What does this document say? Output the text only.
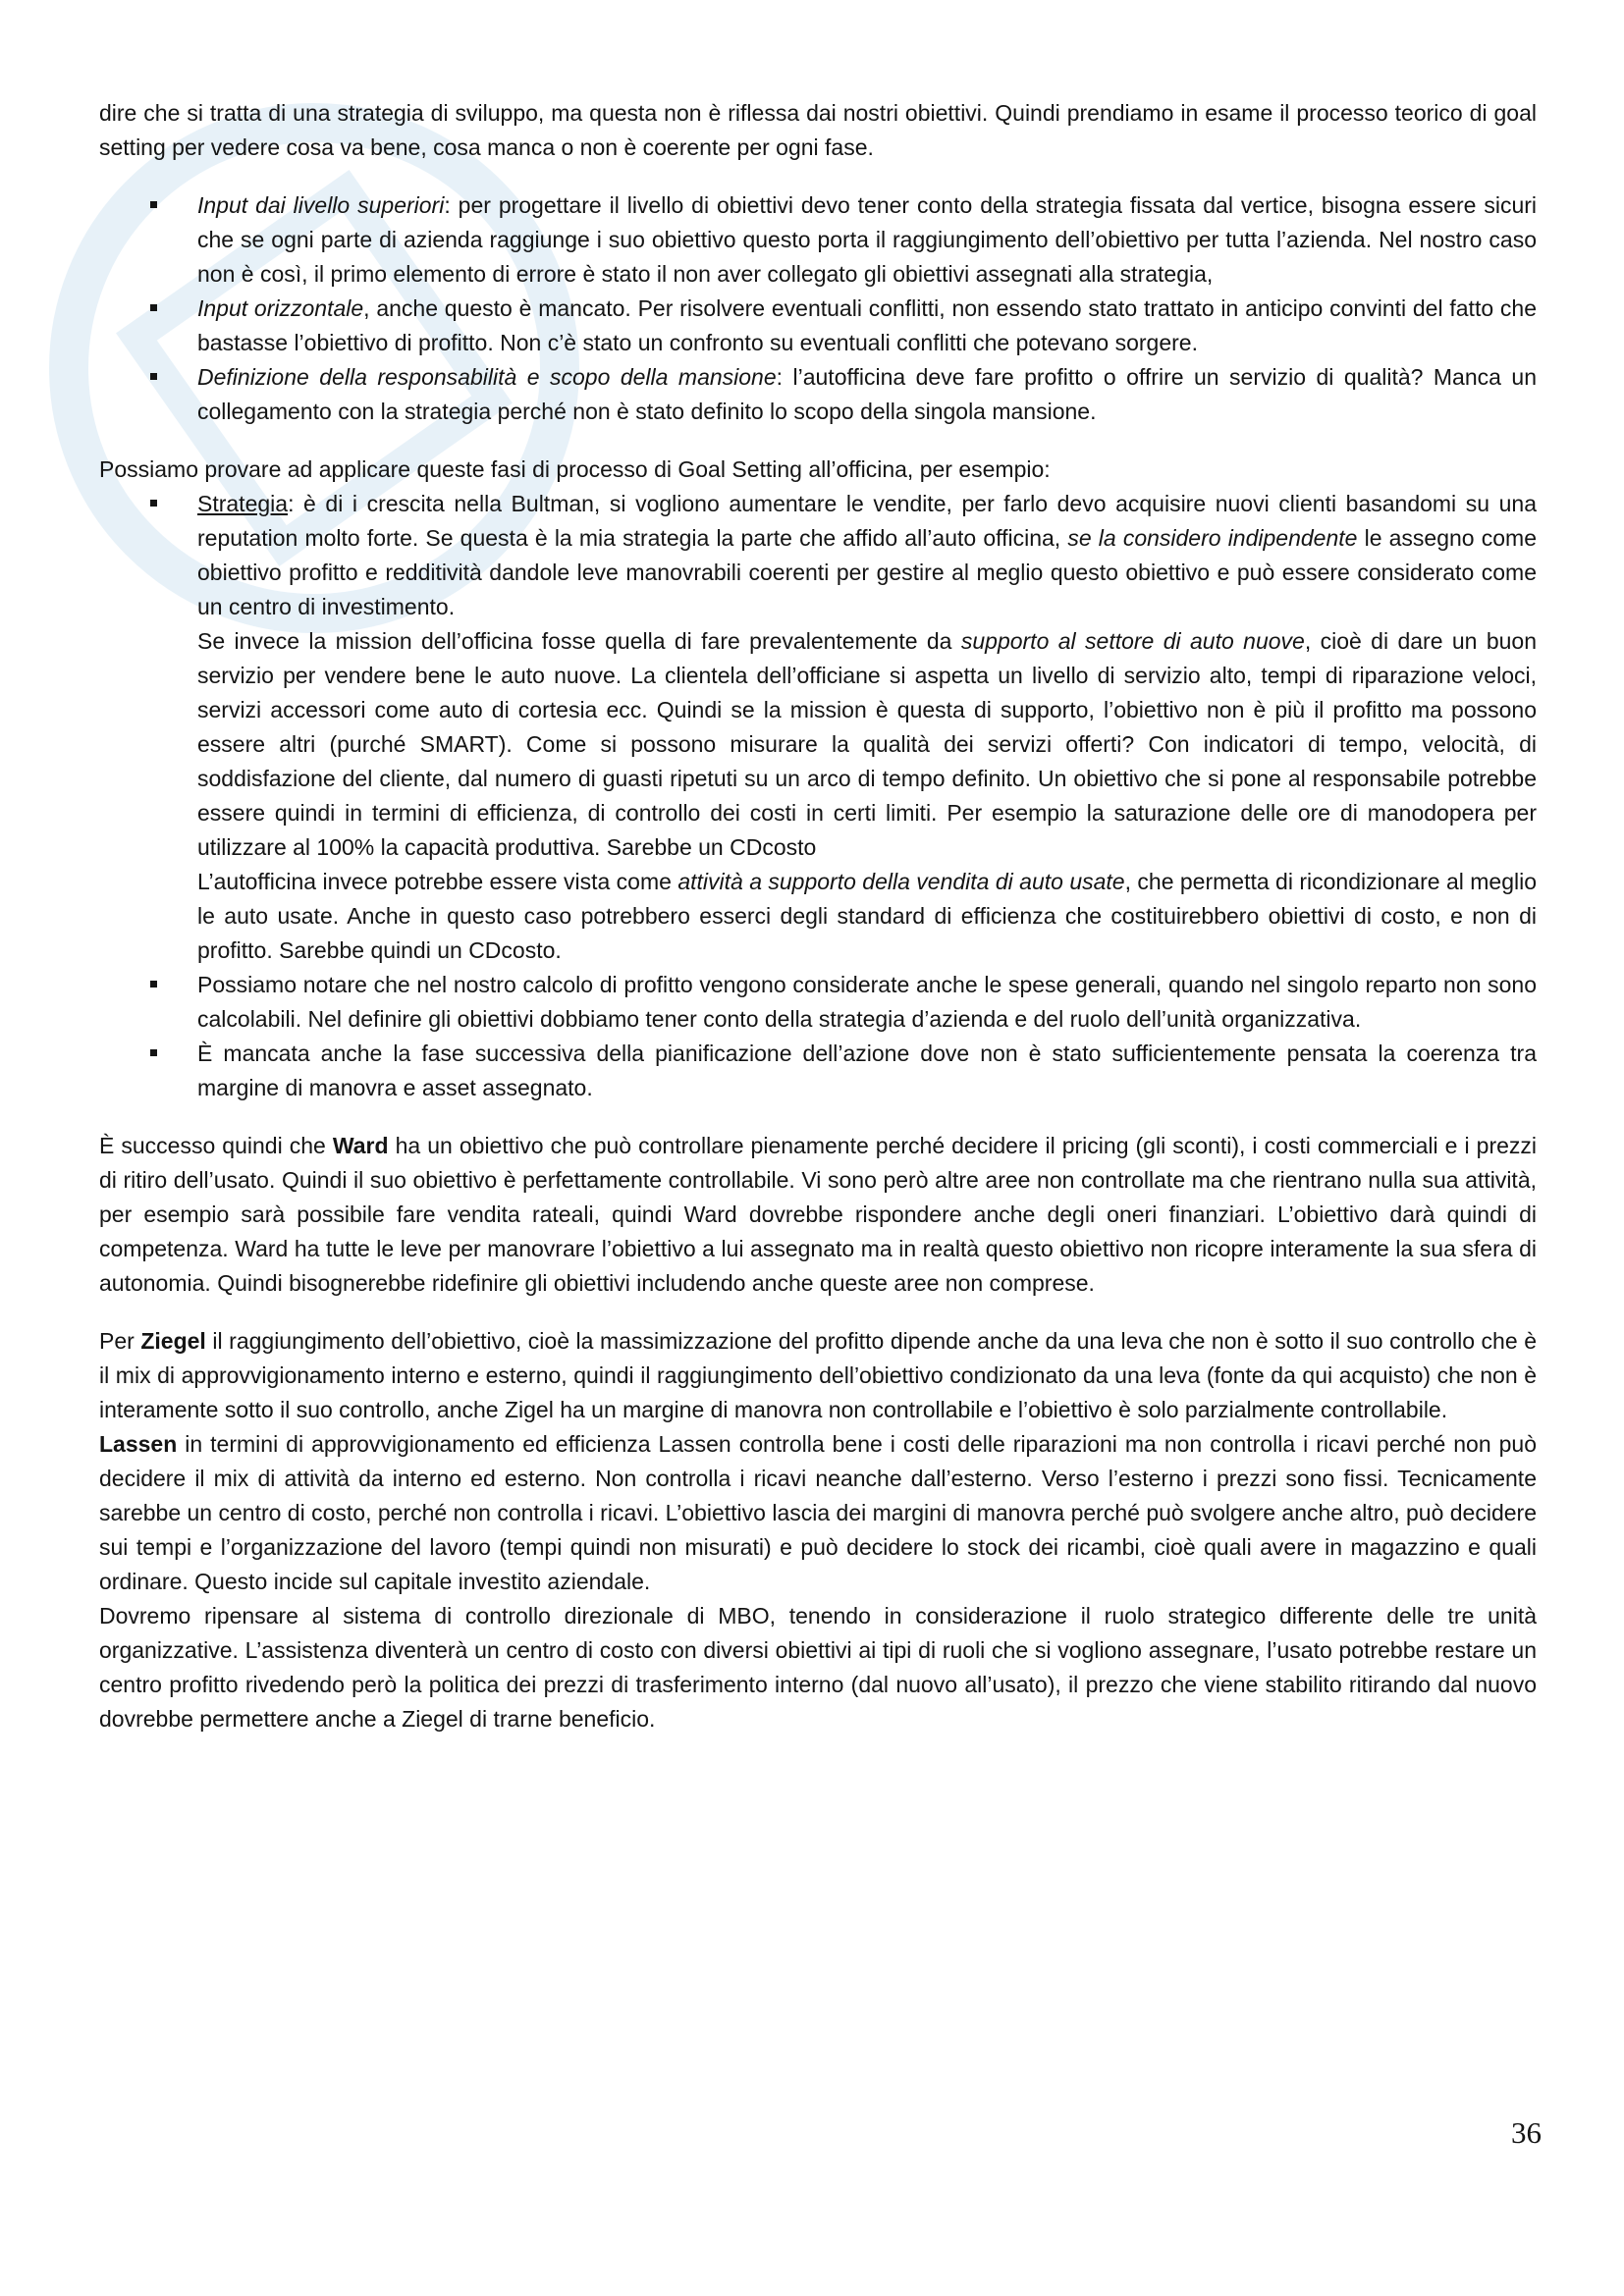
dire che si tratta di una strategia di sviluppo, ma questa non è riflessa dai nostri obiettivi. Quindi prendiamo in esame il processo teorico di goal setting per vedere cosa va bene, cosa manca o non è coerente per ogni fase.

Input dai livello superiori: per progettare il livello di obiettivi devo tener conto della strategia fissata dal vertice, bisogna essere sicuri che se ogni parte di azienda raggiunge i suo obiettivo questo porta il raggiungimento dell’obiettivo per tutta l’azienda. Nel nostro caso non è così, il primo elemento di errore è stato il non aver collegato gli obiettivi assegnati alla strategia,
Input orizzontale, anche questo è mancato. Per risolvere eventuali conflitti, non essendo stato trattato in anticipo convinti del fatto che bastasse l’obiettivo di profitto. Non c’è stato un confronto su eventuali conflitti che potevano sorgere.
Definizione della responsabilità e scopo della mansione: l’autofficina deve fare profitto o offrire un servizio di qualità? Manca un collegamento con la strategia perché non è stato definito lo scopo della singola mansione.

Possiamo provare ad applicare queste fasi di processo di Goal Setting all’officina, per esempio:

Strategia: è di i crescita nella Bultman, si vogliono aumentare le vendite, per farlo devo acquisire nuovi clienti basandomi su una reputation molto forte. Se questa è la mia strategia la parte che affido all’auto officina, se la considero indipendente le assegno come obiettivo profitto e redditività dandole leve manovrabili coerenti per gestire al meglio questo obiettivo e può essere considerato come un centro di investimento.

Se invece la mission dell’officina fosse quella di fare prevalentemente da supporto al settore di auto nuove, cioè di dare un buon servizio per vendere bene le auto nuove. La clientela dell’officiane si aspetta un livello di servizio alto, tempi di riparazione veloci, servizi accessori come auto di cortesia ecc. Quindi se la mission è questa di supporto, l’obiettivo non è più il profitto ma possono essere altri (purché SMART). Come si possono misurare la qualità dei servizi offerti? Con indicatori di tempo, velocità, di soddisfazione del cliente, dal numero di guasti ripetuti su un arco di tempo definito. Un obiettivo che si pone al responsabile potrebbe essere quindi in termini di efficienza, di controllo dei costi in certi limiti. Per esempio la saturazione delle ore di manodopera per utilizzare al 100% la capacità produttiva. Sarebbe un CDcosto

L’autofficina invece potrebbe essere vista come attività a supporto della vendita di auto usate, che permetta di ricondizionare al meglio le auto usate. Anche in questo caso potrebbero esserci degli standard di efficienza che costituirebbero obiettivi di costo, e non di profitto. Sarebbe quindi un CDcosto.

Possiamo notare che nel nostro calcolo di profitto vengono considerate anche le spese generali, quando nel singolo reparto non sono calcolabili. Nel definire gli obiettivi dobbiamo tener conto della strategia d’azienda e del ruolo dell’unità organizzativa.
È mancata anche la fase successiva della pianificazione dell’azione dove non è stato sufficientemente pensata la coerenza tra margine di manovra e asset assegnato.

È successo quindi che Ward ha un obiettivo che può controllare pienamente perché decidere il pricing (gli sconti), i costi commerciali e i prezzi di ritiro dell’usato. Quindi il suo obiettivo è perfettamente controllabile. Vi sono però altre aree non controllate ma che rientrano nulla sua attività, per esempio sarà possibile fare vendita rateali, quindi Ward dovrebbe rispondere anche degli oneri finanziari. L’obiettivo darà quindi di competenza. Ward ha tutte le leve per manovrare l’obiettivo a lui assegnato ma in realtà questo obiettivo non ricopre interamente la sua sfera di autonomia. Quindi bisognerebbe ridefinire gli obiettivi includendo anche queste aree non comprese.

Per Ziegel il raggiungimento dell’obiettivo, cioè la massimizzazione del profitto dipende anche da una leva che non è sotto il suo controllo che è il mix di approvvigionamento interno e esterno, quindi il raggiungimento dell’obiettivo condizionato da una leva (fonte da qui acquisto) che non è interamente sotto il suo controllo, anche Zigel ha un margine di manovra non controllabile e l’obiettivo è solo parzialmente controllabile.

Lassen in termini di approvvigionamento ed efficienza Lassen controlla bene i costi delle riparazioni ma non controlla i ricavi perché non può decidere il mix di attività da interno ed esterno. Non controlla i ricavi neanche dall’esterno. Verso l’esterno i prezzi sono fissi. Tecnicamente sarebbe un centro di costo, perché non controlla i ricavi. L’obiettivo lascia dei margini di manovra perché può svolgere anche altro, può decidere sui tempi e l’organizzazione del lavoro (tempi quindi non misurati) e può decidere lo stock dei ricambi, cioè quali avere in magazzino e quali ordinare. Questo incide sul capitale investito aziendale.

Dovremo ripensare al sistema di controllo direzionale di MBO, tenendo in considerazione il ruolo strategico differente delle tre unità organizzative. L’assistenza diventerà un centro di costo con diversi obiettivi ai tipi di ruoli che si vogliono assegnare, l’usato potrebbe restare un centro profitto rivedendo però la politica dei prezzi di trasferimento interno (dal nuovo all’usato), il prezzo che viene stabilito ritirando dal nuovo dovrebbe permettere anche a Ziegel di trarne beneficio.

36
